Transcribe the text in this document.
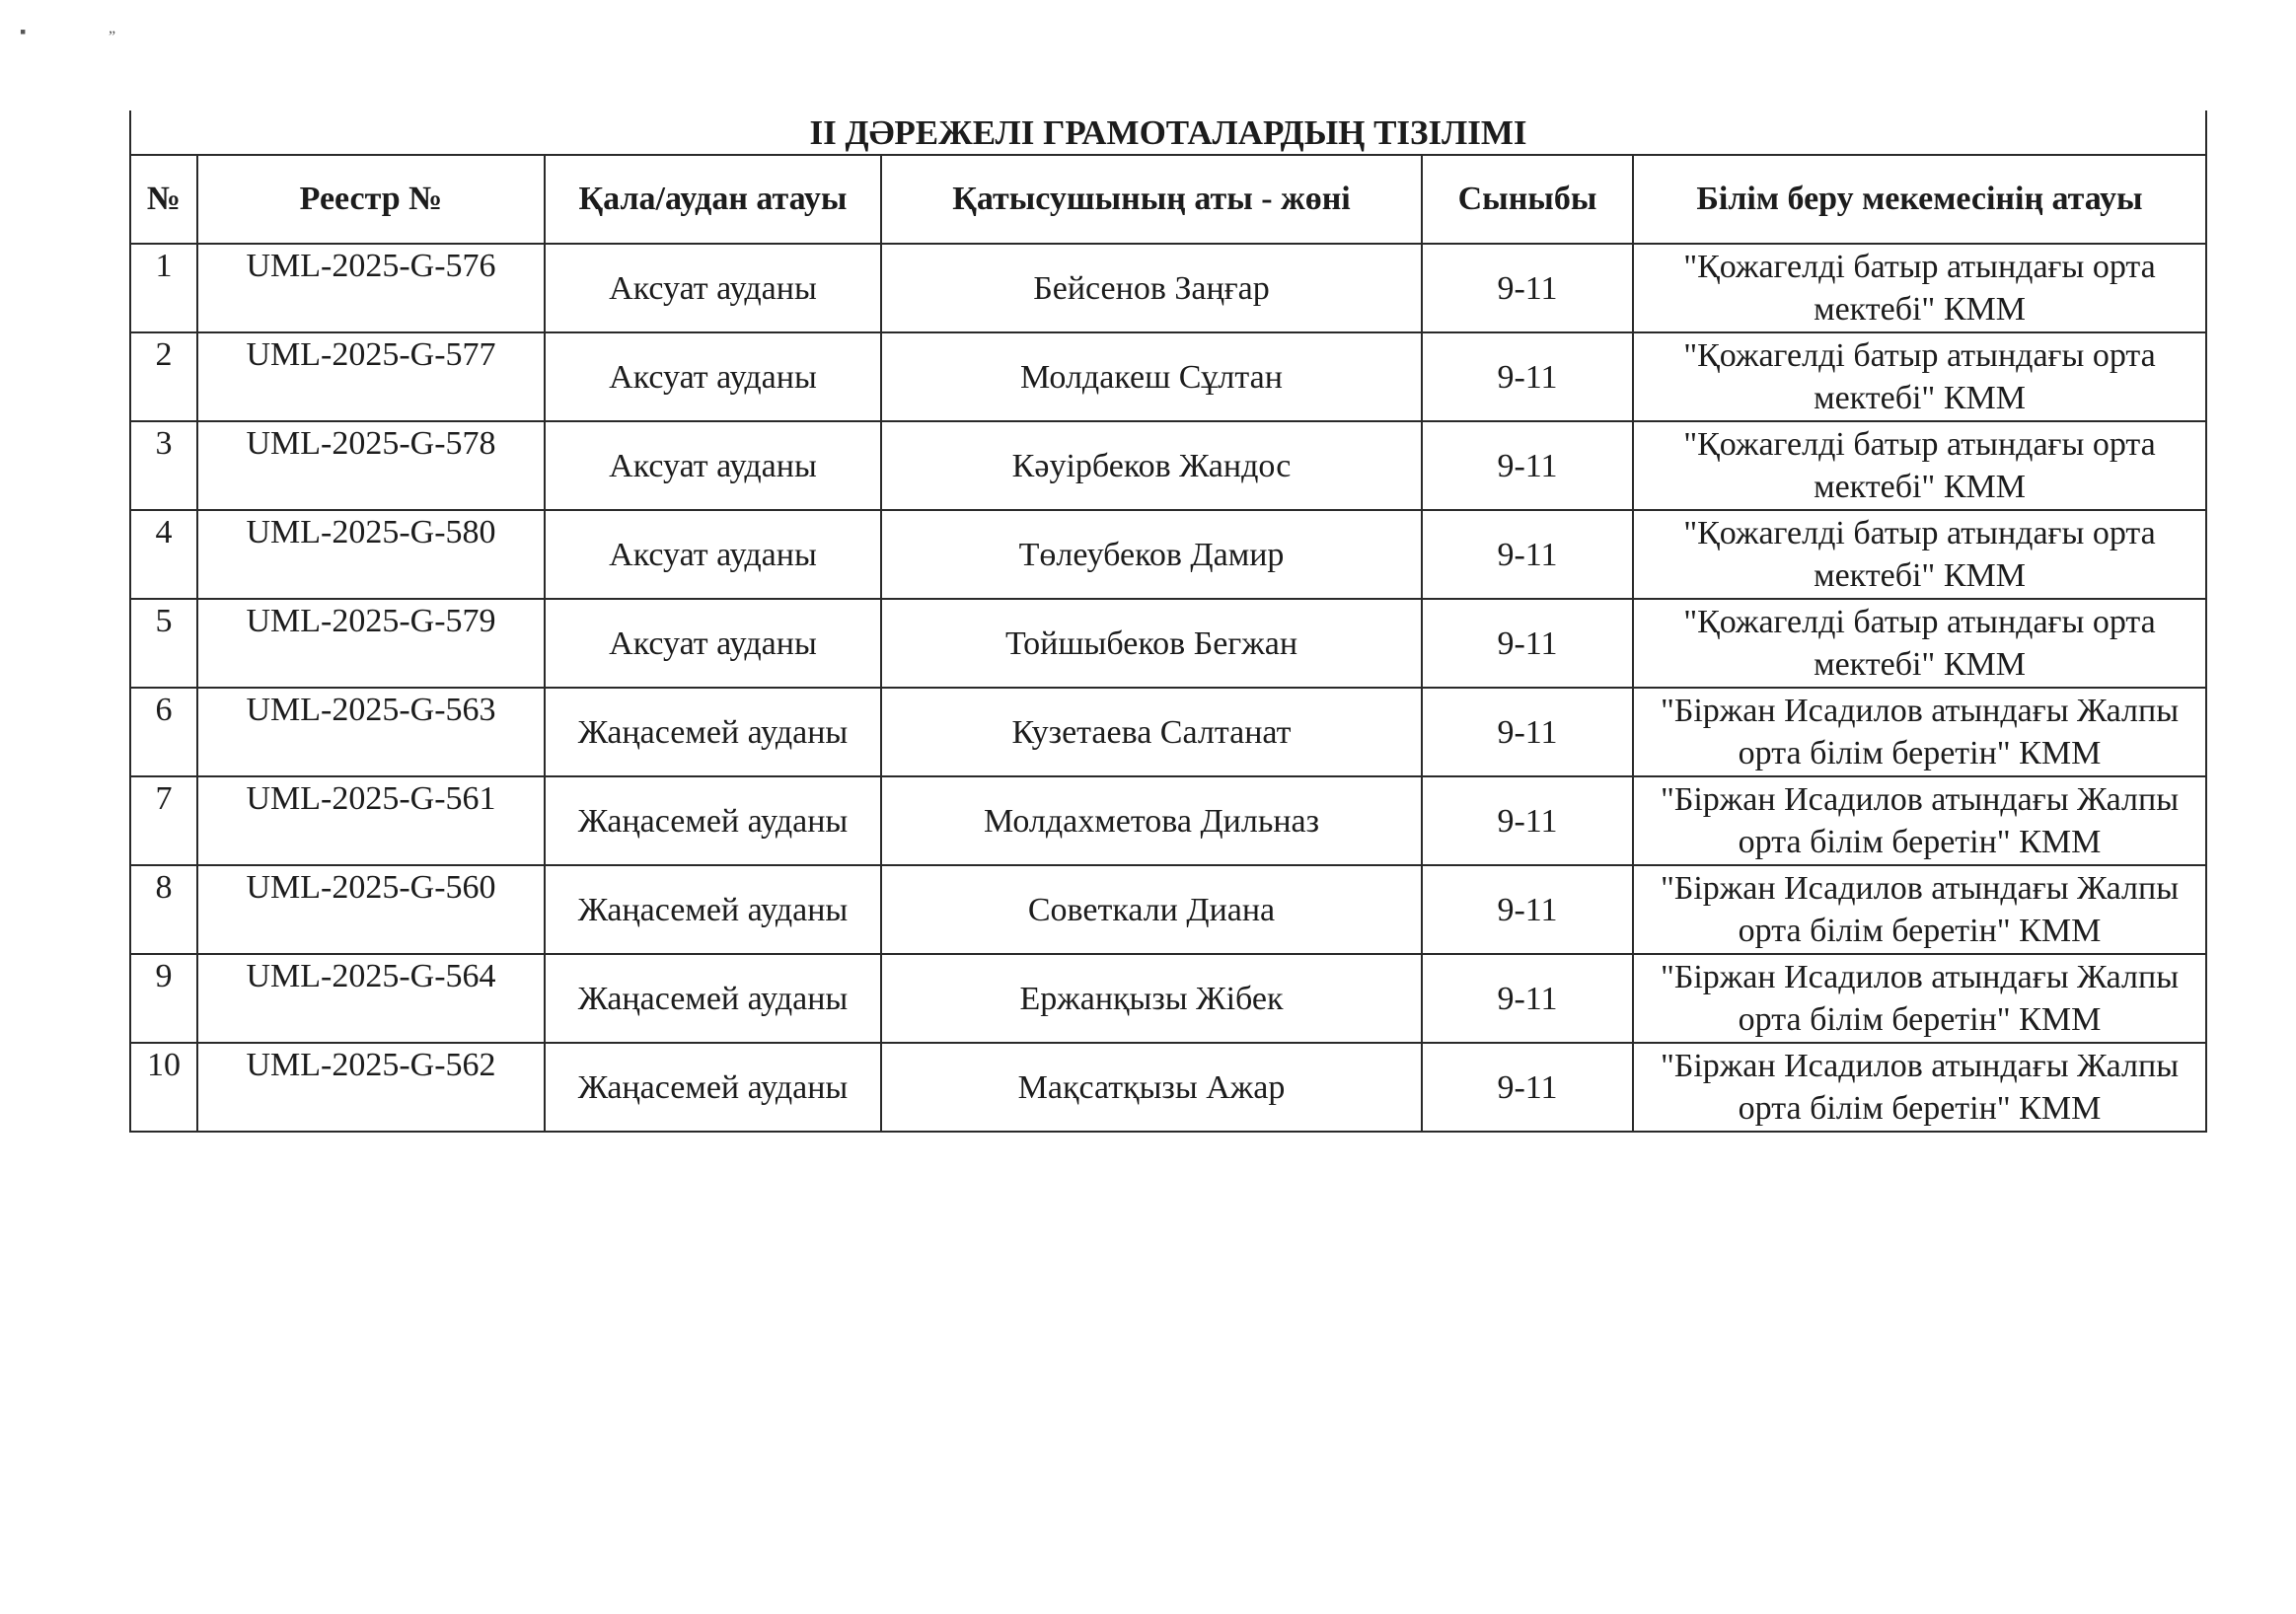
▪	„
ІІ ДӘРЕЖЕЛІ ГРАМОТАЛАРДЫҢ ТІЗІЛІМІ					
№	Реестр №	Қала/аудан атауы	Қатысушының аты - жөні	Сыныбы	Білім беру мекемесінің атауы
1	UML-2025-G-576	Аксуат ауданы	Бейсенов Заңғар	9-11	"Қожагелді батыр атындағы орта мектебі" КММ
2	UML-2025-G-577	Аксуат ауданы	Молдакеш Сұлтан	9-11	"Қожагелді батыр атындағы орта мектебі" КММ
3	UML-2025-G-578	Аксуат ауданы	Кәуірбеков Жандос	9-11	"Қожагелді батыр атындағы орта мектебі" КММ
4	UML-2025-G-580	Аксуат ауданы	Төлеубеков Дамир	9-11	"Қожагелді батыр атындағы орта мектебі" КММ
5	UML-2025-G-579	Аксуат ауданы	Тойшыбеков Бегжан	9-11	"Қожагелді батыр атындағы орта мектебі" КММ
6	UML-2025-G-563	Жаңасемей ауданы	Кузетаева Салтанат	9-11	"Біржан Исадилов атындағы Жалпы орта білім беретін" КММ
7	UML-2025-G-561	Жаңасемей ауданы	Молдахметова Дильназ	9-11	"Біржан Исадилов атындағы Жалпы орта білім беретін" КММ
8	UML-2025-G-560	Жаңасемей ауданы	Советкали Диана	9-11	"Біржан Исадилов атындағы Жалпы орта білім беретін" КММ
9	UML-2025-G-564	Жаңасемей ауданы	Ержанқызы Жібек	9-11	"Біржан Исадилов атындағы Жалпы орта білім беретін" КММ
10	UML-2025-G-562	Жаңасемей ауданы	Мақсатқызы Ажар	9-11	"Біржан Исадилов атындағы Жалпы орта білім беретін" КММ
